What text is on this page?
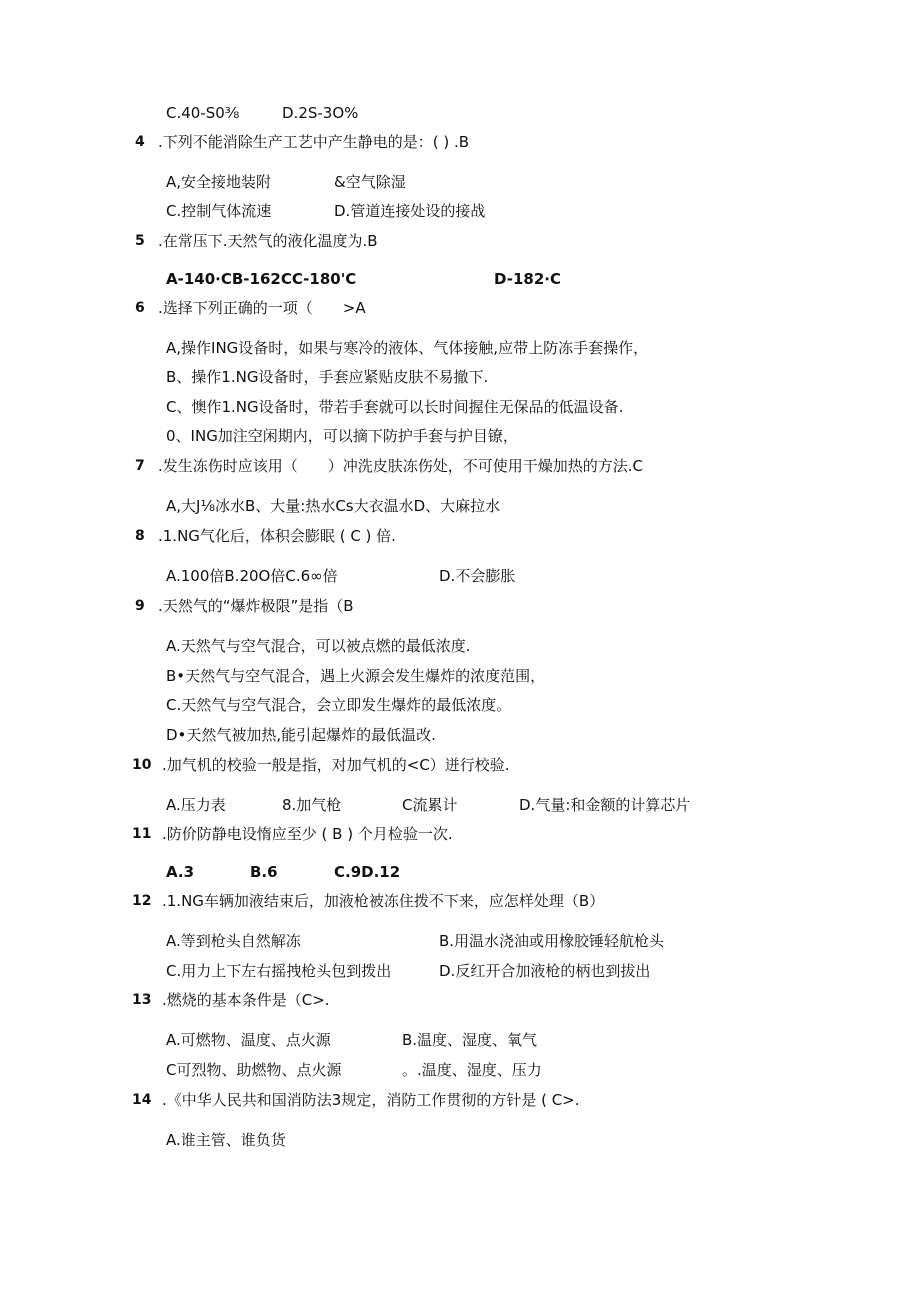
C.40-S0⅜	D.2S-3O%
4 .下列不能消除生产工艺中产生静电的是：( ) .B
A,安全接地装附	&空气除湿
C.控制气体流速	D.管道连接处设的接战
5 .在常压下.天然气的液化温度为.B
A-140∙CB-162CC-180'C	D-182∙C
6 .选择下列正确的一项（　　>A
A,操作ING设备时，如果与寒冷的液体、气体接触,应带上防冻手套操作，
B、操作1.NG设备时，手套应紧贴皮肤不易撤下.
C、懊作1.NG设备时，带若手套就可以长时间握住无保品的低温设备.
0、ING加注空闲期内，可以摘下防护手套与护目镣，
7 .发生冻伤时应该用（　　）冲洗皮肤冻伤处，不可使用干燥加热的方法.C
A,大J⅛冰水B、大量:热水Cs大衣温水D、大麻拉水
8 .1.NG气化后，体积会膨眠 ( C ) 倍.
A.100倍B.20O倍C.6∞倍	D.不会膨胀
9 .天然气的“爆炸极限”是指（B
A.天然气与空气混合，可以被点燃的最低浓度.
B•天然气与空气混合，遇上火源会发生爆炸的浓度范围，
C.天然气与空气混合，会立即发生爆炸的最低浓度。
D•天然气被加热,能引起爆炸的最低温改.
10 .加气机的校验一般是指，对加气机的<C）迸行校验.
A.压力表	8.加气枪	C流累计	D.气量:和金额的计算芯片
11 .防价防静电设惰应至少 ( B ) 个月检验一次.
A.3	B.6	C.9D.12
12 .1.NG车辆加液结束后，加液枪被冻住拨不下来，应怎样处理（B）
A.等到枪头自然解冻	B.用温水浇油或用橡胶锤轻航枪头
C.用力上下左右摇拽枪头包到拨出	D.反红开合加液枪的柄也到拔出
13 .燃烧的基本条件是（C>.
A.可燃物、温度、点火源	B.温度、湿度、氧气
C可烈物、助燃物、点火源	。.温度、湿度、压力
14 .《中华人民共和国消防法3规定，消防工作贯彻的方针是 ( C>.
A.谁主管、谁负货
